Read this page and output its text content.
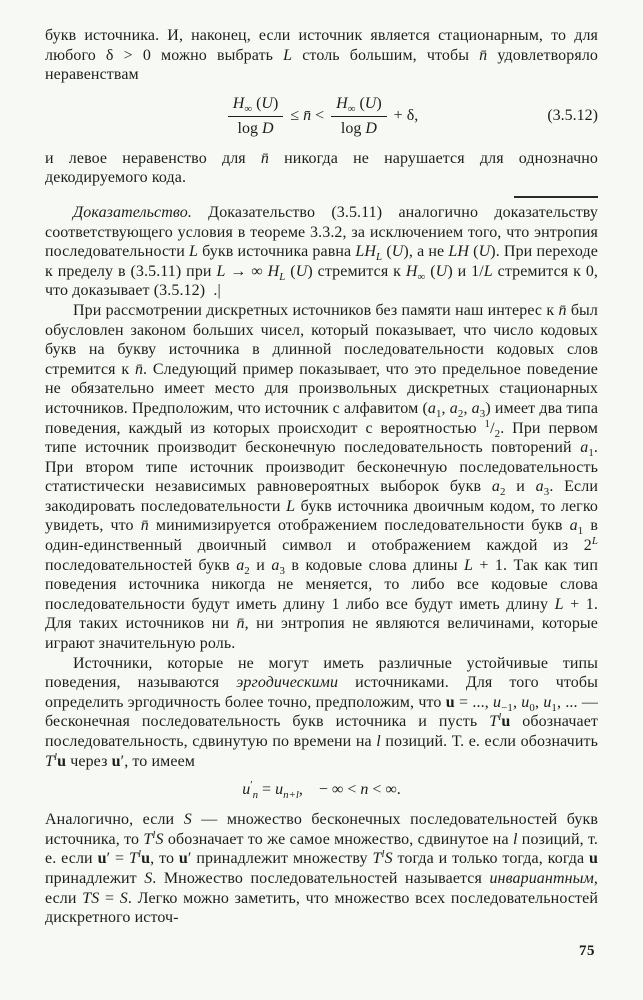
букв источника. И, наконец, если источник является стационарным, то для любого δ > 0 можно выбрать L столь большим, чтобы n̄ удовлетворяло неравенствам

$\frac{H_\infty (U)}{\text{log D}}$ ≤ n̄ < $\frac{H_\infty (U)}{\text{log D}} + \delta$,	(3.5.12)

и левое неравенство для n̄ никогда не нарушается для однозначно декодируемого кода.

Доказательство. Доказательство (3.5.11) аналогично доказательству соответствующего условия в теореме 3.3.2, за исключением того, что энтропия последовательности L букв источника равна $LH_L$ (U), а не LH (U). При переходе к пределу в (3.5.11) при L → ∞ $H_L$ (U) стремится к $H_\infty$ (U) и 1/L стремится к 0, что доказывает (3.5.12)  .|

При рассмотрении дискретных источников без памяти наш интерес к n̄ был обусловлен законом больших чисел, который показывает, что число кодовых букв на букву источника в длинной последовательности кодовых слов стремится к n̄. Следующий пример показывает, что это предельное поведение не обязательно имеет место для произвольных дискретных стационарных источников. Предположим, что источник с алфавитом ($a_1$, $a_2$, $a_3$) имеет два типа поведения, каждый из которых происходит с вероятностью $^1/_2$. При первом типе источник производит бесконечную последовательность повторений $a_1$. При втором типе источник производит бесконечную последовательность статистически независимых равновероятных выборок букв $a_2$ и $a_3$. Если закодировать последовательности L букв источника двоичным кодом, то легко увидеть, что n̄ минимизируется отображением последовательности букв $a_1$ в один-единственный двоичный символ и отображением каждой из $2^L$ последовательностей букв $a_2$ и $a_3$ в кодовые слова длины L + 1. Так как тип поведения источника никогда не меняется, то либо все кодовые слова последовательности будут иметь длину 1 либо все будут иметь длину L + 1. Для таких источников ни n̄, ни энтропия не являются величинами, которые играют значительную роль.

Источники, которые не могут иметь различные устойчивые типы поведения, называются эргодическими источниками. Для того чтобы определить эргодичность более точно, предположим, что u = ..., $u_{-1}$, $u_0$, $u_1$, ... — бесконечная последовательность букв источника и пусть $T^lu$ обозначает последовательность, сдвинутую по времени на l позиций. Т. е. если обозначить $T^lu$ через u′, то имеем

$u'_n = u_{n+l}$, − ∞ < n < ∞.

Аналогично, если S — множество бесконечных последовательностей букв источника, то $T^lS$ обозначает то же самое множество, сдвинутое на l позиций, т. е. если $u' = T^lu$, то u′ принадлежит множеству $T^lS$ тогда и только тогда, когда u принадлежит S. Множество последовательностей называется инвариантным, если TS = S. Легко можно заметить, что множество всех последовательностей дискретного источ-

75
